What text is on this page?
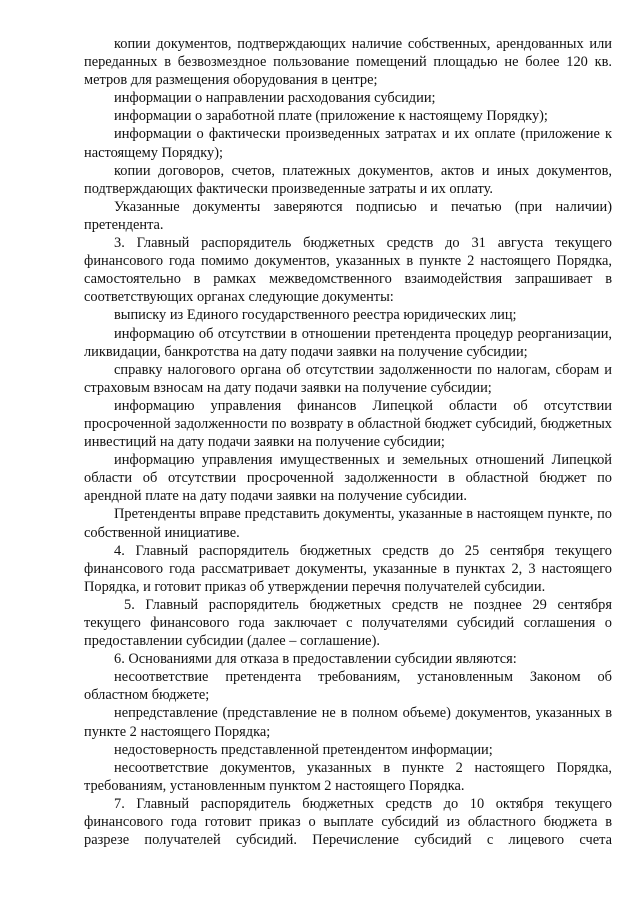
копии документов, подтверждающих наличие собственных, арендованных или переданных в безвозмездное пользование помещений площадью не более 120 кв. метров для размещения оборудования в центре;

информации о направлении расходования субсидии;

информации о заработной плате (приложение к настоящему Порядку);

информации о фактически произведенных затратах и их оплате (приложение к настоящему Порядку);

копии договоров, счетов, платежных документов, актов и иных документов, подтверждающих фактически произведенные затраты и их оплату.

Указанные документы заверяются подписью и печатью (при наличии) претендента.

3. Главный распорядитель бюджетных средств до 31 августа текущего финансового года помимо документов, указанных в пункте 2 настоящего Порядка, самостоятельно в рамках межведомственного взаимодействия запрашивает в соответствующих органах следующие документы:

выписку из Единого государственного реестра юридических лиц;

информацию об отсутствии в отношении претендента процедур реорганизации, ликвидации, банкротства на дату подачи заявки на получение субсидии;

справку налогового органа об отсутствии задолженности по налогам, сборам и страховым взносам на дату подачи заявки на получение субсидии;

информацию управления финансов Липецкой области об отсутствии просроченной задолженности по возврату в областной бюджет субсидий, бюджетных инвестиций на дату подачи заявки на получение субсидии;

информацию управления имущественных и земельных отношений Липецкой области об отсутствии просроченной задолженности в областной бюджет по арендной плате на дату подачи заявки на получение субсидии.

Претенденты вправе представить документы, указанные в настоящем пункте, по собственной инициативе.

4. Главный распорядитель бюджетных средств до 25 сентября текущего финансового года рассматривает документы, указанные в пунктах 2, 3 настоящего Порядка, и готовит приказ об утверждении перечня получателей субсидии.

5. Главный распорядитель бюджетных средств не позднее 29 сентября текущего финансового года заключает с получателями субсидий соглашения о предоставлении субсидии (далее – соглашение).

6. Основаниями для отказа в предоставлении субсидии являются:

несоответствие претендента требованиям, установленным Законом об областном бюджете;

непредставление (представление не в полном объеме) документов, указанных в пункте 2 настоящего Порядка;

недостоверность представленной претендентом информации;

несоответствие документов, указанных в пункте 2 настоящего Порядка, требованиям, установленным пунктом 2 настоящего Порядка.

7. Главный распорядитель бюджетных средств до 10 октября текущего финансового года готовит приказ о выплате субсидий из областного бюджета в разрезе получателей субсидий. Перечисление субсидий с лицевого счета
